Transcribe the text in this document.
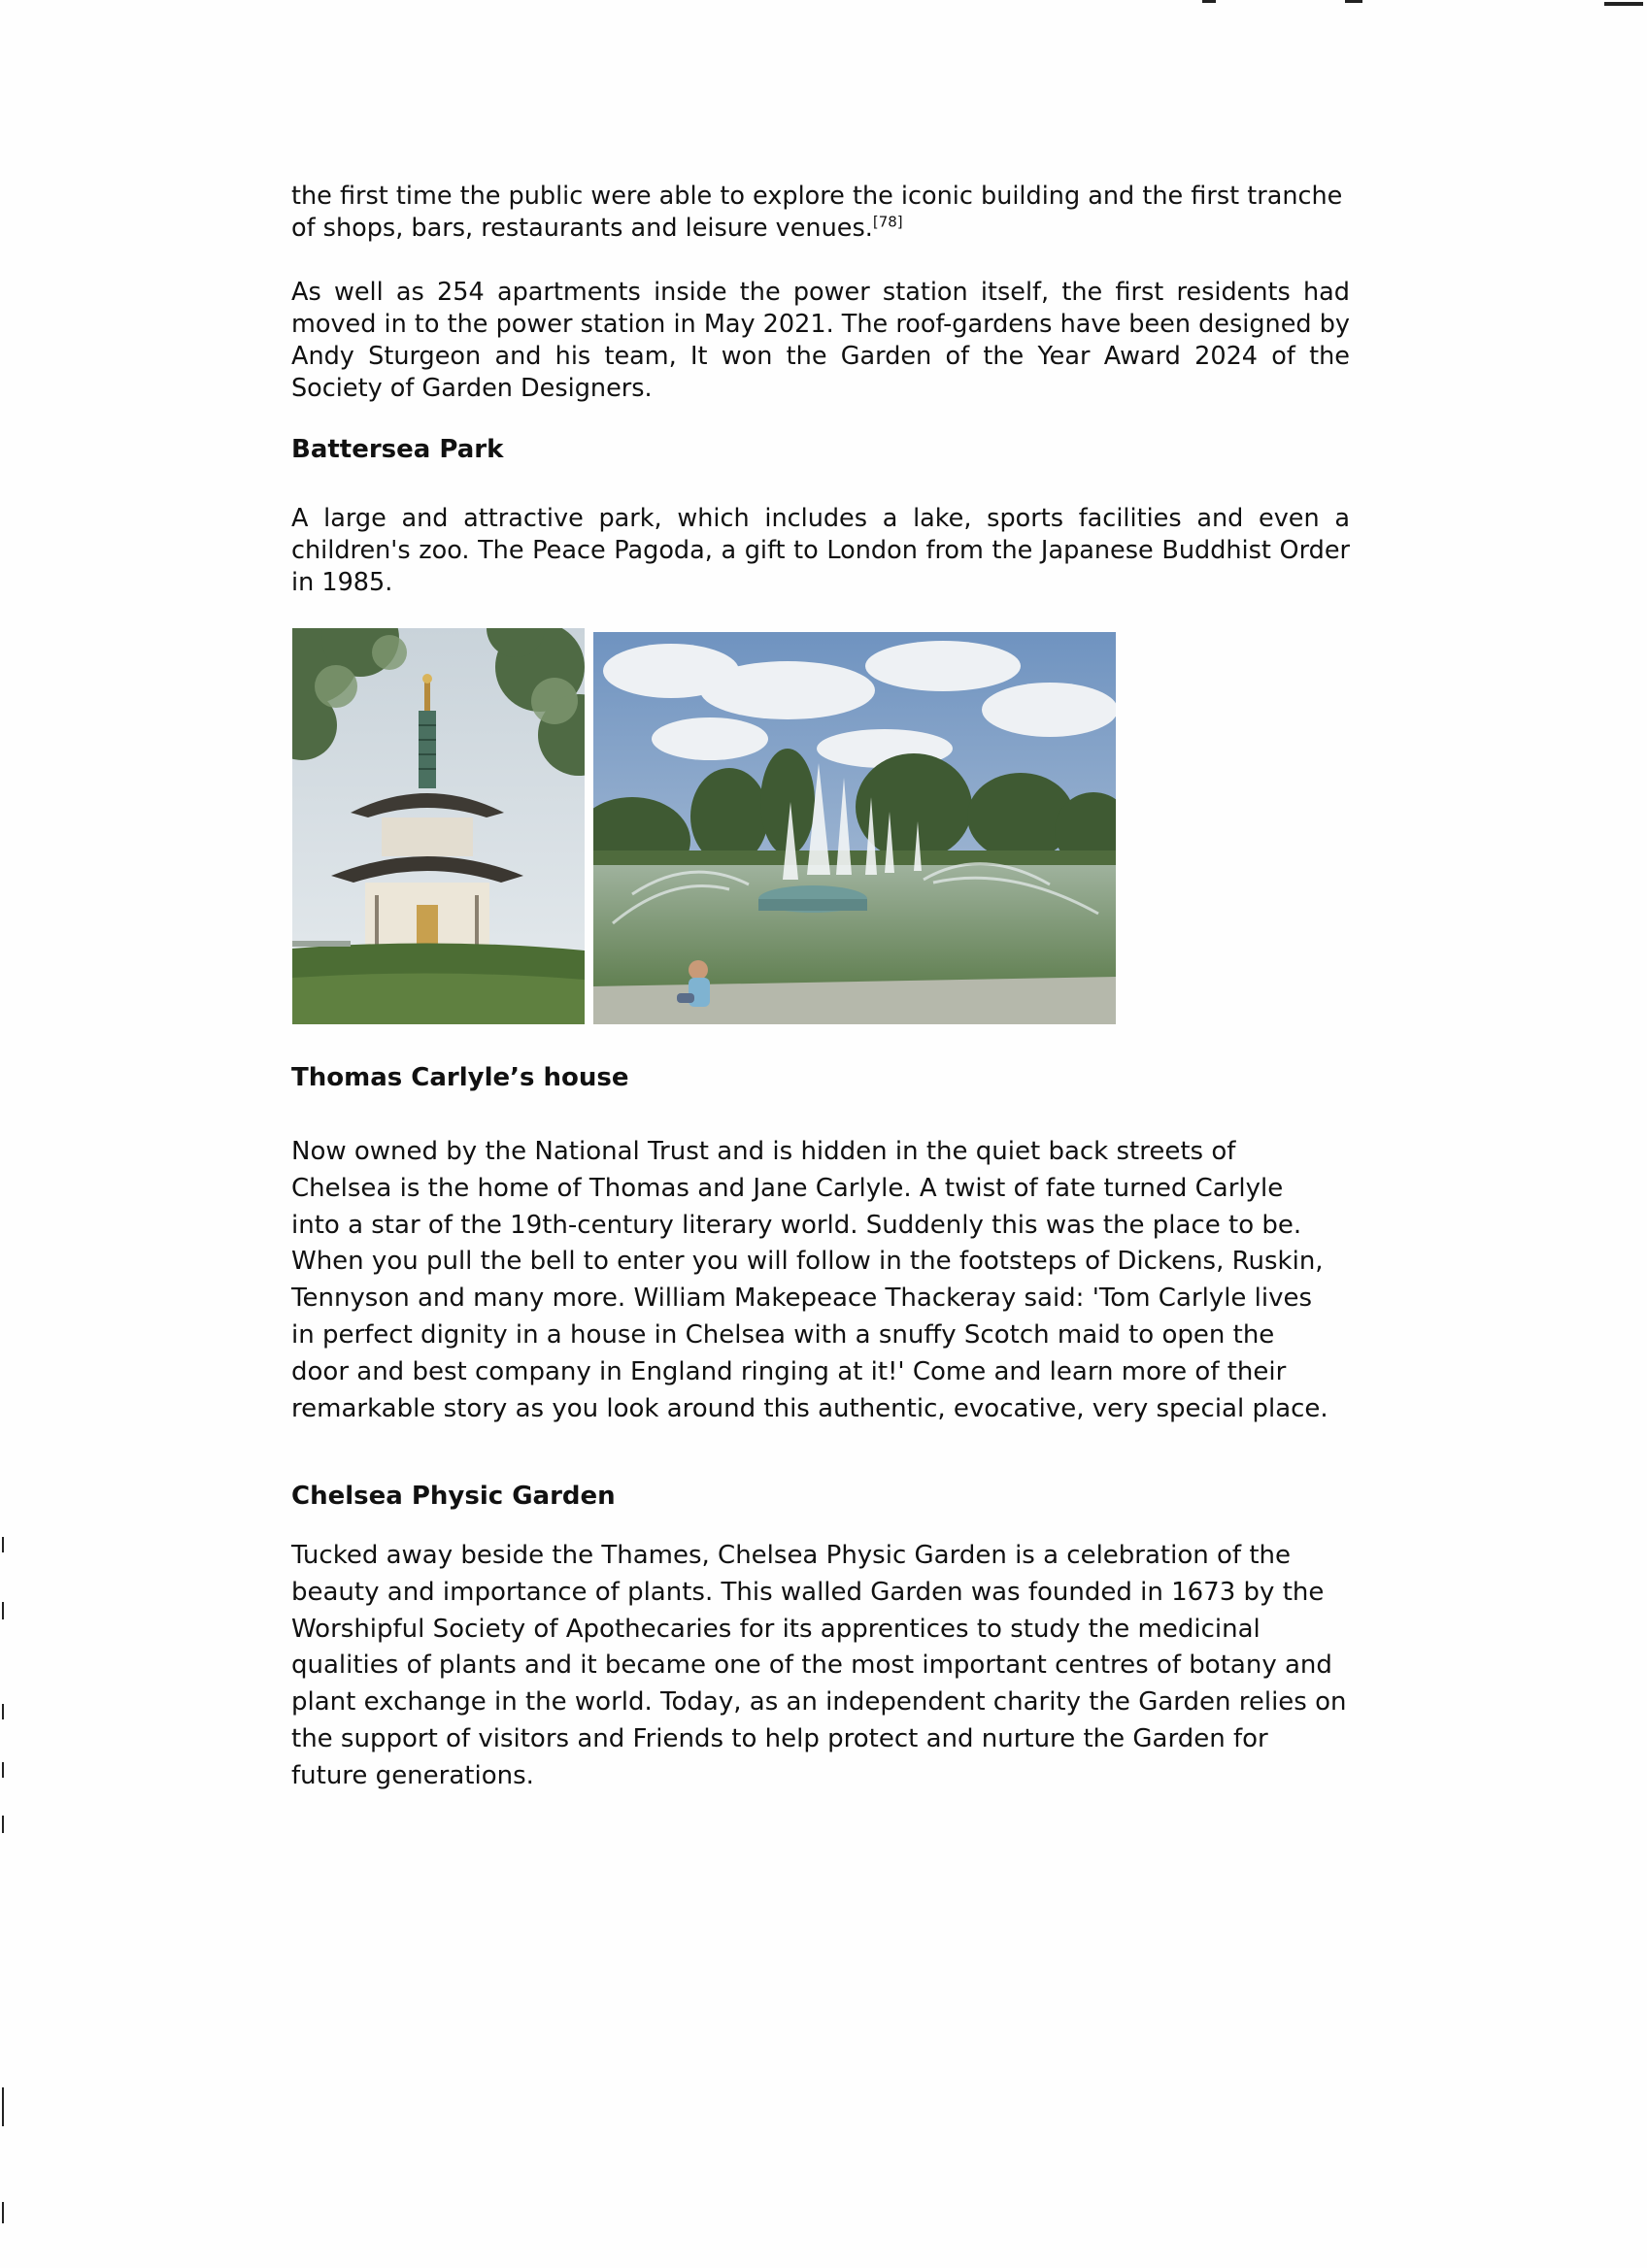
the first time the public were able to explore the iconic building and the first tranche of shops, bars, restaurants and leisure venues.[78]

As well as 254 apartments inside the power station itself, the first residents had moved in to the power station in May 2021. The roof-gardens have been designed by Andy Sturgeon and his team, It won the Garden of the Year Award 2024 of the Society of Garden Designers.

Battersea Park

A large and attractive park, which includes a lake, sports facilities and even a children's zoo. The Peace Pagoda, a gift to London from the Japanese Buddhist Order in 1985.

Thomas Carlyle’s house

Now owned by the National Trust and is hidden in the quiet back streets of Chelsea is the home of Thomas and Jane Carlyle. A twist of fate turned Carlyle into a star of the 19th-century literary world. Suddenly this was the place to be. When you pull the bell to enter you will follow in the footsteps of Dickens, Ruskin, Tennyson and many more. William Makepeace Thackeray said: 'Tom Carlyle lives in perfect dignity in a house in Chelsea with a snuffy Scotch maid to open the door and best company in England ringing at it!' Come and learn more of their remarkable story as you look around this authentic, evocative, very special place.

Chelsea Physic Garden

Tucked away beside the Thames, Chelsea Physic Garden is a celebration of the beauty and importance of plants. This walled Garden was founded in 1673 by the Worshipful Society of Apothecaries for its apprentices to study the medicinal qualities of plants and it became one of the most important centres of botany and plant exchange in the world. Today, as an independent charity the Garden relies on the support of visitors and Friends to help protect and nurture the Garden for future generations.
